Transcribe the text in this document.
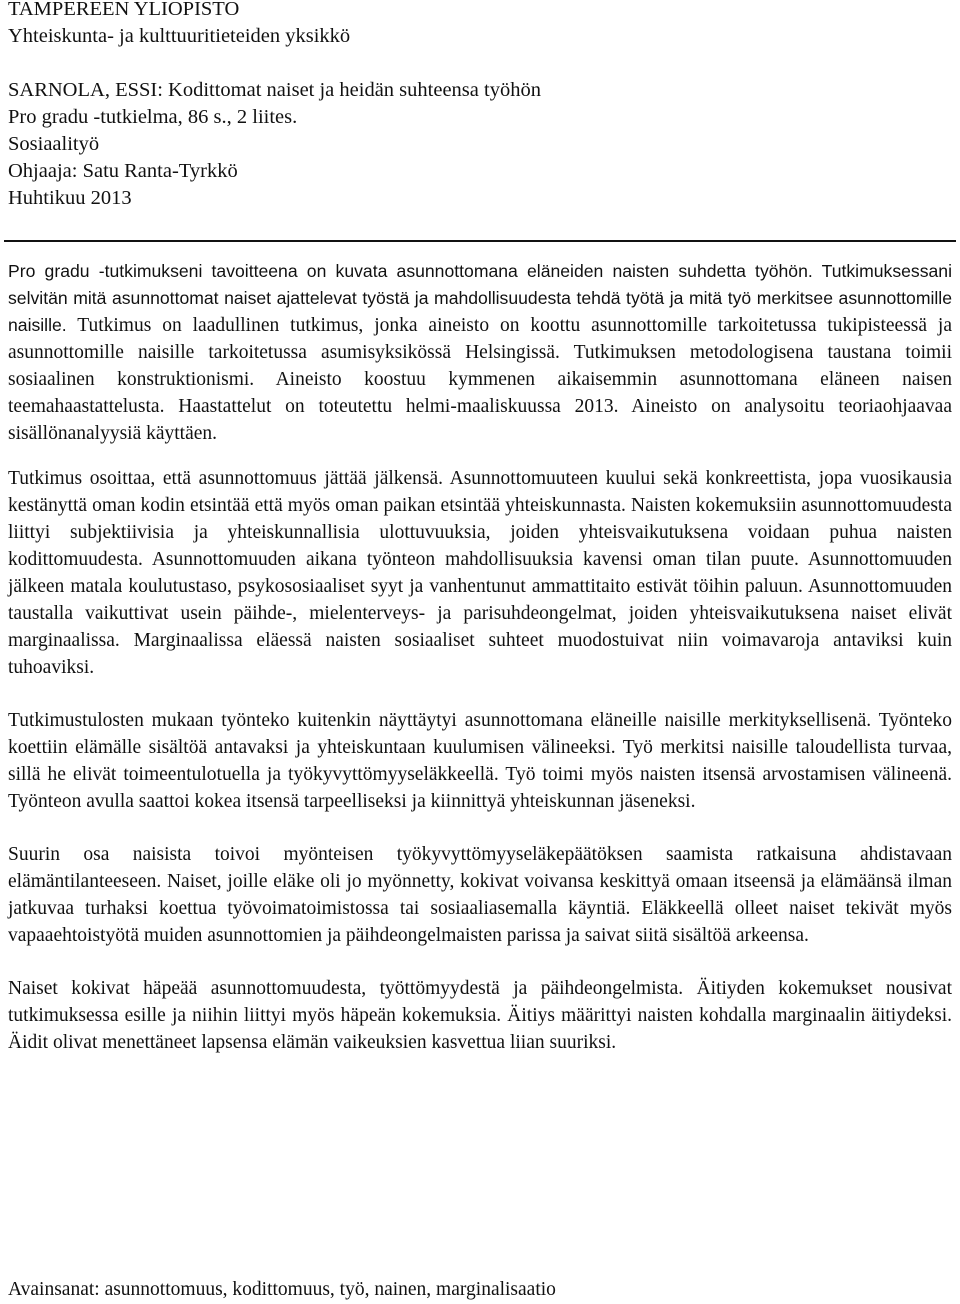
TAMPEREEN YLIOPISTO
Yhteiskunta- ja kulttuuritieteiden yksikkö
SARNOLA, ESSI: Kodittomat naiset ja heidän suhteensa työhön
Pro gradu -tutkielma, 86 s., 2 liites.
Sosiaalityö
Ohjaaja: Satu Ranta-Tyrkkö
Huhtikuu 2013

Pro gradu -tutkimukseni tavoitteena on kuvata asunnottomana eläneiden naisten suhdetta työhön. Tutkimuksessani selvitän mitä asunnottomat naiset ajattelevat työstä ja mahdollisuudesta tehdä työtä ja mitä työ merkitsee asunnottomille naisille. Tutkimus on laadullinen tutkimus, jonka aineisto on koottu asunnottomille tarkoitetussa tukipisteessä ja asunnottomille naisille tarkoitetussa asumisyksikössä Helsingissä. Tutkimuksen metodologisena taustana toimii sosiaalinen konstruktionismi. Aineisto koostuu kymmenen aikaisemmin asunnottomana eläneen naisen teemahaastattelusta. Haastattelut on toteutettu helmi-maaliskuussa 2013. Aineisto on analysoitu teoriaohjaavaa sisällönanalyysiä käyttäen.

Tutkimus osoittaa, että asunnottomuus jättää jälkensä. Asunnottomuuteen kuului sekä konkreettista, jopa vuosikausia kestänyttä oman kodin etsintää että myös oman paikan etsintää yhteiskunnasta. Naisten kokemuksiin asunnottomuudesta liittyi subjektiivisia ja yhteiskunnallisia ulottuvuuksia, joiden yhteisvaikutuksena voidaan puhua naisten kodittomuudesta. Asunnottomuuden aikana työnteon mahdollisuuksia kavensi oman tilan puute. Asunnottomuuden jälkeen matala koulutustaso, psykososiaaliset syyt ja vanhentunut ammattitaito estivät töihin paluun. Asunnottomuuden taustalla vaikuttivat usein päihde-, mielenterveys- ja parisuhdeongelmat, joiden yhteisvaikutuksena naiset elivät marginaalissa. Marginaalissa eläessä naisten sosiaaliset suhteet muodostuivat niin voimavaroja antaviksi kuin tuhoaviksi.

Tutkimustulosten mukaan työnteko kuitenkin näyttäytyi asunnottomana eläneille naisille merkityksellisenä. Työnteko koettiin elämälle sisältöä antavaksi ja yhteiskuntaan kuulumisen välineeksi. Työ merkitsi naisille taloudellista turvaa, sillä he elivät toimeentulotuella ja työkyvyttömyyseläkkeellä. Työ toimi myös naisten itsensä arvostamisen välineenä. Työnteon avulla saattoi kokea itsensä tarpeelliseksi ja kiinnittyä yhteiskunnan jäseneksi.

Suurin osa naisista toivoi myönteisen työkyvyttömyyseläkepäätöksen saamista ratkaisuna ahdistavaan elämäntilanteeseen. Naiset, joille eläke oli jo myönnetty, kokivat voivansa keskittyä omaan itseensä ja elämäänsä ilman jatkuvaa turhaksi koettua työvoimatoimistossa tai sosiaaliasemalla käyntiä. Eläkkeellä olleet naiset tekivät myös vapaaehtoistyötä muiden asunnottomien ja päihdeongelmaisten parissa ja saivat siitä sisältöä arkeensa.

Naiset kokivat häpeää asunnottomuudesta, työttömyydestä ja päihdeongelmista. Äitiyden kokemukset nousivat tutkimuksessa esille ja niihin liittyi myös häpeän kokemuksia. Äitiys määrittyi naisten kohdalla marginaalin äitiydeksi. Äidit olivat menettäneet lapsensa elämän vaikeuksien kasvettua liian suuriksi.

Avainsanat: asunnottomuus, kodittomuus, työ, nainen, marginalisaatio
